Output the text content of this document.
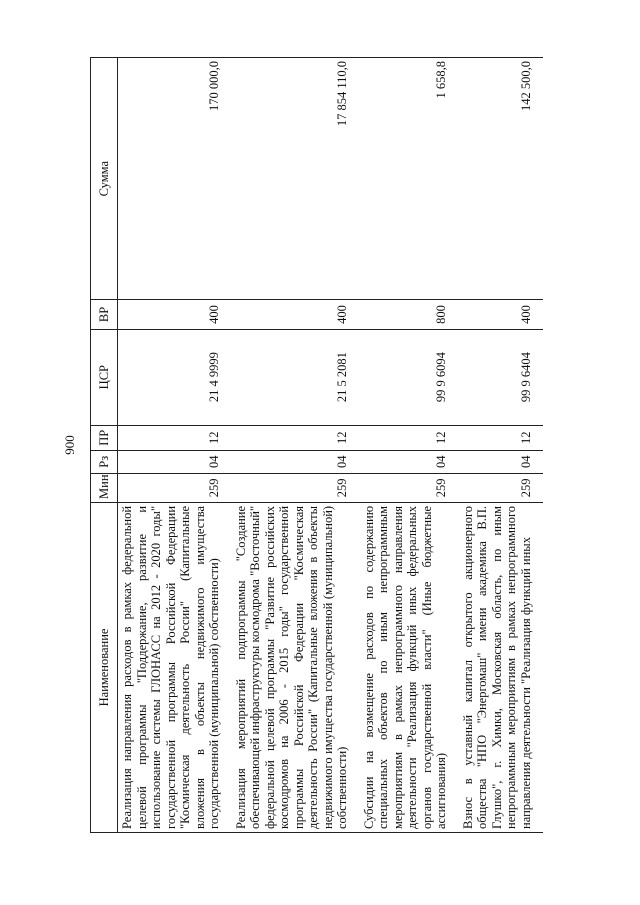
900
Наименование	Мин	Рз	ПР	ЦСР	ВР	Сумма
Реализация направления расходов в рамках федеральной целевой программы "Поддержание, развитие и использование системы ГЛОНАСС на 2012 - 2020 годы" государственной программы Российской Федерации "Космическая деятельность России" (Капитальные вложения в объекты недвижимого имущества государственной (муниципальной) собственности)	259	04	12	21 4 9999	400	170 000,0
Реализация мероприятий подпрограммы "Создание обеспечивающей инфраструктуры космодрома "Восточный" федеральной целевой программы "Развитие российских космодромов на 2006 - 2015 годы" государственной программы Российской Федерации "Космическая деятельность России" (Капитальные вложения в объекты недвижимого имущества государственной (муниципальной) собственности)	259	04	12	21 5 2081	400	17 854 110,0
Субсидии на возмещение расходов по содержанию специальных объектов по иным непрограммным мероприятиям в рамках непрограммного направления деятельности "Реализация функций иных федеральных органов государственной власти" (Иные бюджетные ассигнования)	259	04	12	99 9 6094	800	1 658,8
Взнос в уставный капитал открытого акционерного общества "НПО "Энергомаш" имени академика В.П. Глушко", г. Химки, Московская область, по иным непрограммным мероприятиям в рамках непрограммного направления деятельности "Реализация функций иных	259	04	12	99 9 6404	400	142 500,0
